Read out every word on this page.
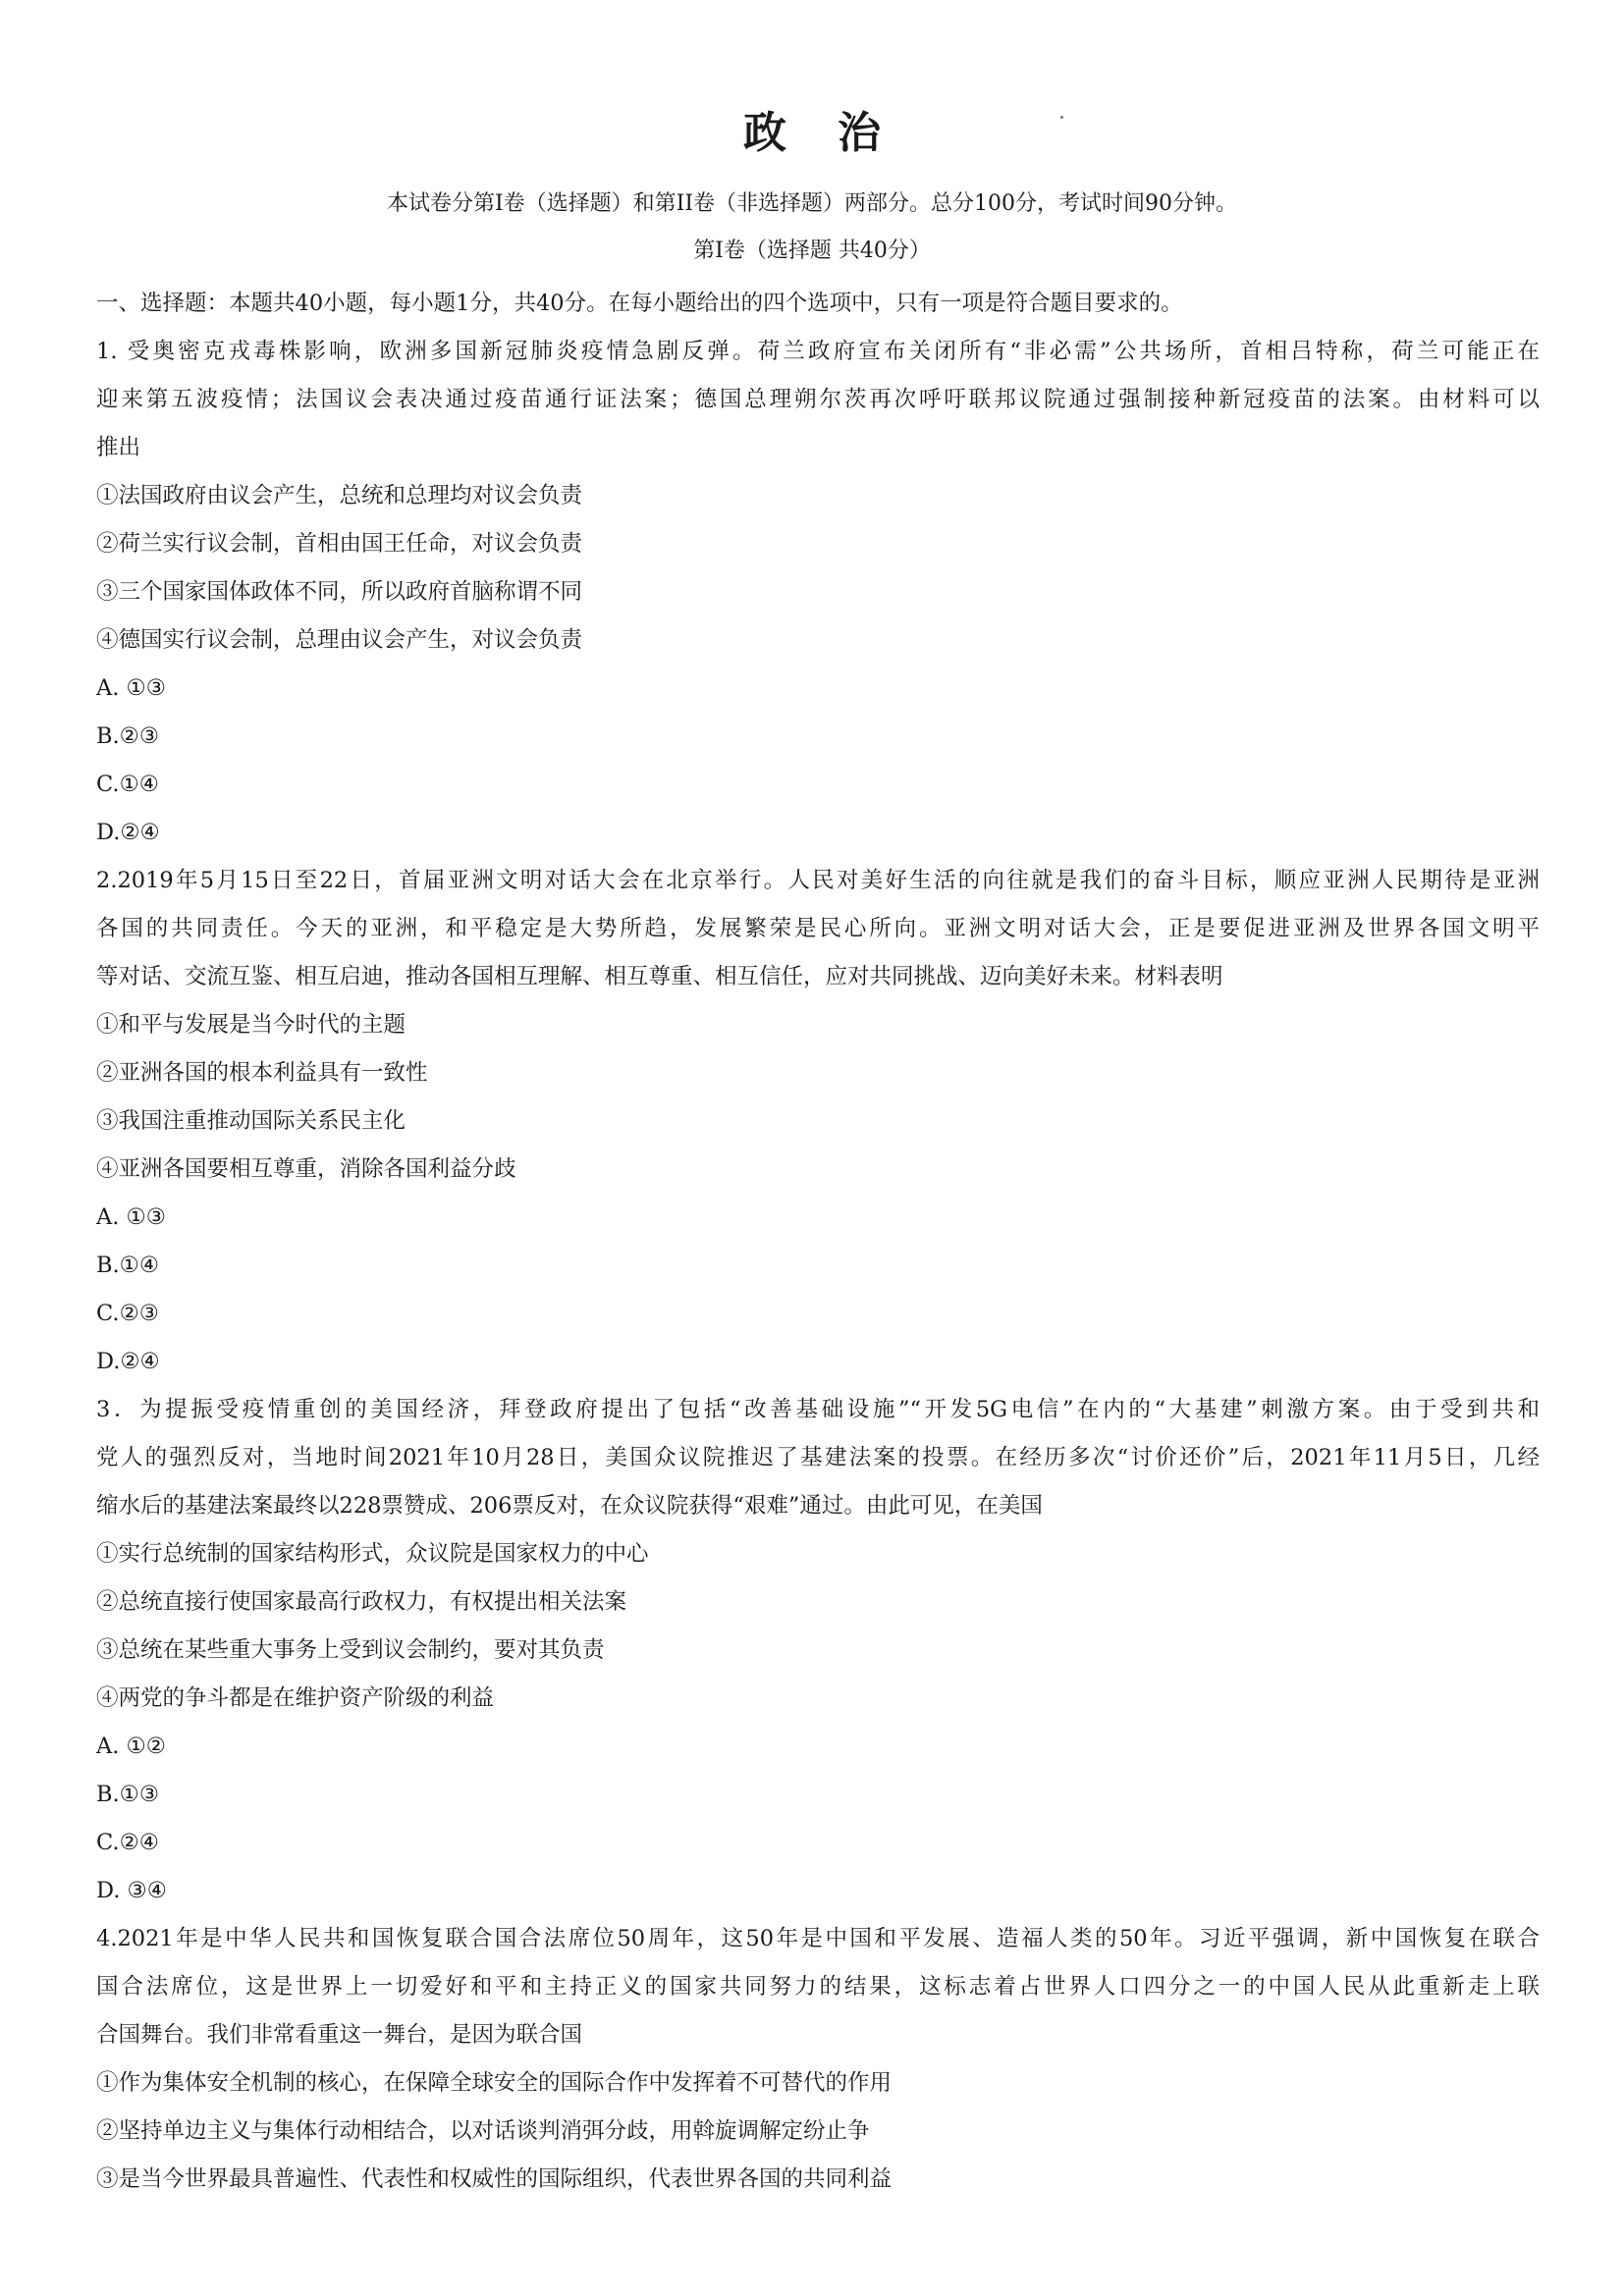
政 治

本试卷分第Ⅰ卷（选择题）和第II卷（非选择题）两部分。总分100分，考试时间90分钟。

第Ⅰ卷（选择题 共40分）

一、选择题：本题共40小题，每小题1分，共40分。在每小题给出的四个选项中，只有一项是符合题目要求的。

1. 受奥密克戎毒株影响，欧洲多国新冠肺炎疫情急剧反弹。荷兰政府宣布关闭所有“非必需”公共场所，首相吕特称，荷兰可能正在

迎来第五波疫情；法国议会表决通过疫苗通行证法案；德国总理朔尔茨再次呼吁联邦议院通过强制接种新冠疫苗的法案。由材料可以

推出

①法国政府由议会产生，总统和总理均对议会负责

②荷兰实行议会制，首相由国王任命，对议会负责

③三个国家国体政体不同，所以政府首脑称谓不同

④德国实行议会制，总理由议会产生，对议会负责

A. ①③

B.②③

C.①④

D.②④

2.2019年5月15日至22日，首届亚洲文明对话大会在北京举行。人民对美好生活的向往就是我们的奋斗目标，顺应亚洲人民期待是亚洲

各国的共同责任。今天的亚洲，和平稳定是大势所趋，发展繁荣是民心所向。亚洲文明对话大会，正是要促进亚洲及世界各国文明平

等对话、交流互鉴、相互启迪，推动各国相互理解、相互尊重、相互信任，应对共同挑战、迈向美好未来。材料表明

①和平与发展是当今时代的主题

②亚洲各国的根本利益具有一致性

③我国注重推动国际关系民主化

④亚洲各国要相互尊重，消除各国利益分歧

A. ①③

B.①④

C.②③

D.②④

3．为提振受疫情重创的美国经济，拜登政府提出了包括“改善基础设施”“开发5G电信”在内的“大基建”刺激方案。由于受到共和

党人的强烈反对，当地时间2021年10月28日，美国众议院推迟了基建法案的投票。在经历多次“讨价还价”后，2021年11月5日，几经

缩水后的基建法案最终以228票赞成、206票反对，在众议院获得“艰难”通过。由此可见，在美国

①实行总统制的国家结构形式，众议院是国家权力的中心

②总统直接行使国家最高行政权力，有权提出相关法案

③总统在某些重大事务上受到议会制约，要对其负责

④两党的争斗都是在维护资产阶级的利益

A. ①②

B.①③

C.②④

D. ③④

4.2021年是中华人民共和国恢复联合国合法席位50周年，这50年是中国和平发展、造福人类的50年。习近平强调，新中国恢复在联合

国合法席位，这是世界上一切爱好和平和主持正义的国家共同努力的结果，这标志着占世界人口四分之一的中国人民从此重新走上联

合国舞台。我们非常看重这一舞台，是因为联合国

①作为集体安全机制的核心，在保障全球安全的国际合作中发挥着不可替代的作用

②坚持单边主义与集体行动相结合，以对话谈判消弭分歧，用斡旋调解定纷止争

③是当今世界最具普遍性、代表性和权威性的国际组织，代表世界各国的共同利益
